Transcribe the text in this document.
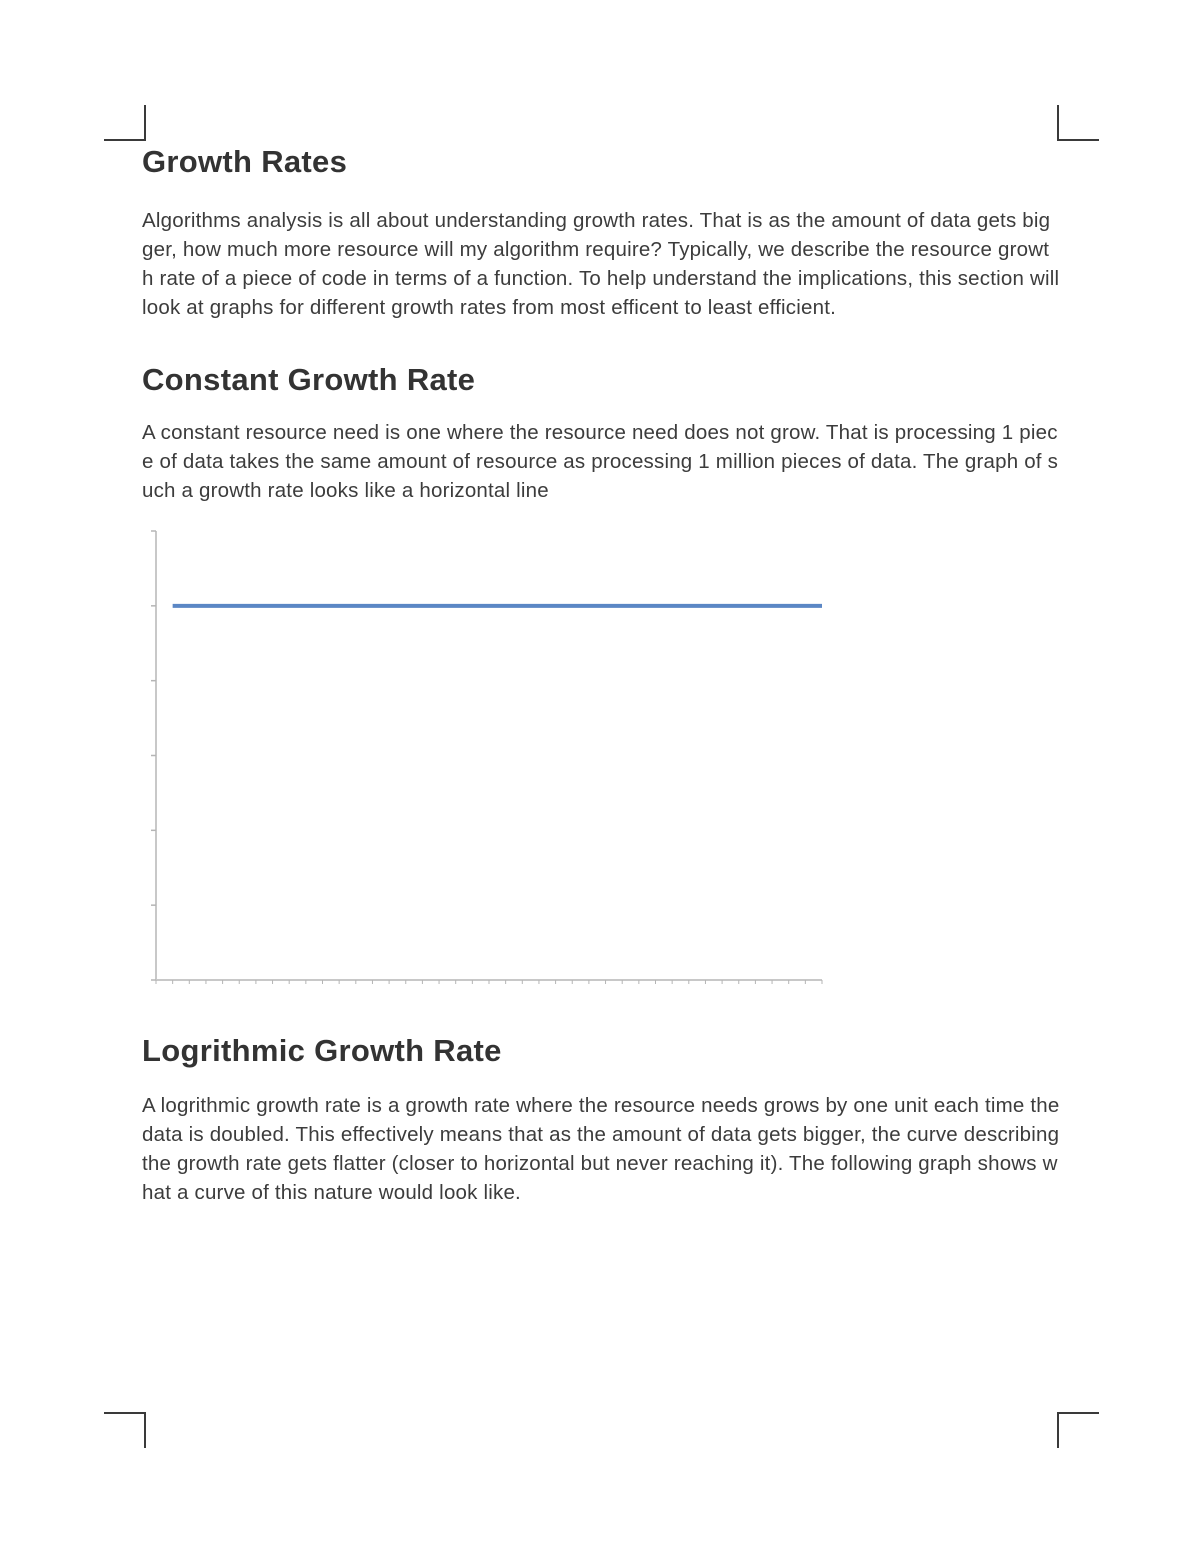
Growth Rates

Algorithms analysis is all about understanding growth rates. That is as the amount of data gets bigger, how much more resource will my algorithm require? Typically, we describe the resource growth rate of a piece of code in terms of a function. To help understand the implications, this section will look at graphs for different growth rates from most efficent to least efficient.

Constant Growth Rate

A constant resource need is one where the resource need does not grow. That is processing 1 piece of data takes the same amount of resource as processing 1 million pieces of data. The graph of such a growth rate looks like a horizontal line

Logrithmic Growth Rate

A logrithmic growth rate is a growth rate where the resource needs grows by one unit each time the data is doubled. This effectively means that as the amount of data gets bigger, the curve describing the growth rate gets flatter (closer to horizontal but never reaching it). The following graph shows what a curve of this nature would look like.
